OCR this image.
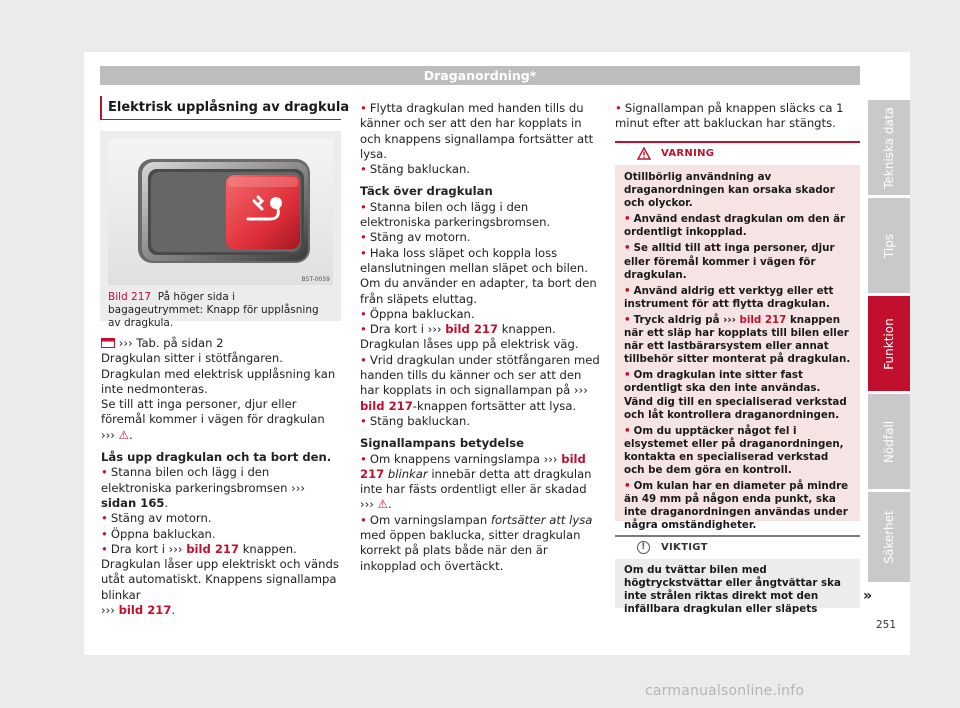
Draganordning*
Elektrisk upplåsning av dragkula
B5T-0059
Bild 217 På höger sida i bagageutrymmet: Knapp för upplåsning av dragkula.

››› Tab. på sidan 2

Dragkulan sitter i stötfångaren. Dragkulan med elektrisk upplåsning kan inte nedmonteras.

Se till att inga personer, djur eller föremål kommer i vägen för dragkulan ››› ⚠.

Lås upp dragkulan och ta bort den.

• Stanna bilen och lägg i den elektroniska parkeringsbromsen ››› sidan 165.

• Stäng av motorn.

• Öppna bakluckan.

• Dra kort i ››› bild 217 knappen. Dragkulan låser upp elektriskt och vänds utåt automatiskt. Knappens signallampa blinkar
››› bild 217.

• Flytta dragkulan med handen tills du känner och ser att den har kopplats in och knappens signallampa fortsätter att lysa.

• Stäng bakluckan.

Täck över dragkulan

• Stanna bilen och lägg i den elektroniska parkeringsbromsen.

• Stäng av motorn.

• Haka loss släpet och koppla loss elanslutningen mellan släpet och bilen. Om du använder en adapter, ta bort den från släpets eluttag.

• Öppna bakluckan.

• Dra kort i ››› bild 217 knappen. Dragkulan låses upp på elektrisk väg.

• Vrid dragkulan under stötfångaren med handen tills du känner och ser att den har kopplats in och signallampan på ››› bild 217-knappen fortsätter att lysa.

• Stäng bakluckan.

Signallampans betydelse

• Om knappens varningslampa ››› bild 217 blinkar innebär detta att dragkulan inte har fästs ordentligt eller är skadad ››› ⚠.

• Om varningslampan fortsätter att lysa med öppen baklucka, sitter dragkulan korrekt på plats både när den är inkopplad och övertäckt.

• Signallampan på knappen släcks ca 1 minut efter att bakluckan har stängts.

VARNING

Otillbörlig användning av draganordningen kan orsaka skador och olyckor.

• Använd endast dragkulan om den är ordentligt inkopplad.

• Se alltid till att inga personer, djur eller föremål kommer i vägen för dragkulan.

• Använd aldrig ett verktyg eller ett instrument för att flytta dragkulan.

• Tryck aldrig på ››› bild 217 knappen när ett släp har kopplats till bilen eller när ett lastbärarsystem eller annat tillbehör sitter monterat på dragkulan.

• Om dragkulan inte sitter fast ordentligt ska den inte användas. Vänd dig till en specialiserad verkstad och låt kontrollera draganordningen.

• Om du upptäcker något fel i elsystemet eller på draganordningen, kontakta en specialiserad verkstad och be dem göra en kontroll.

• Om kulan har en diameter på mindre än 49 mm på någon enda punkt, ska inte draganordningen användas under några omständigheter.

!	VIKTIGT
Om du tvättar bilen med högtryckstvättar eller ångtvättar ska inte strålen riktas direkt mot den infällbara dragkulan eller släpets
»
Tekniska data
Tips
Funktion
Nödfall
Säkerhet
251
carmanualsonline.info
